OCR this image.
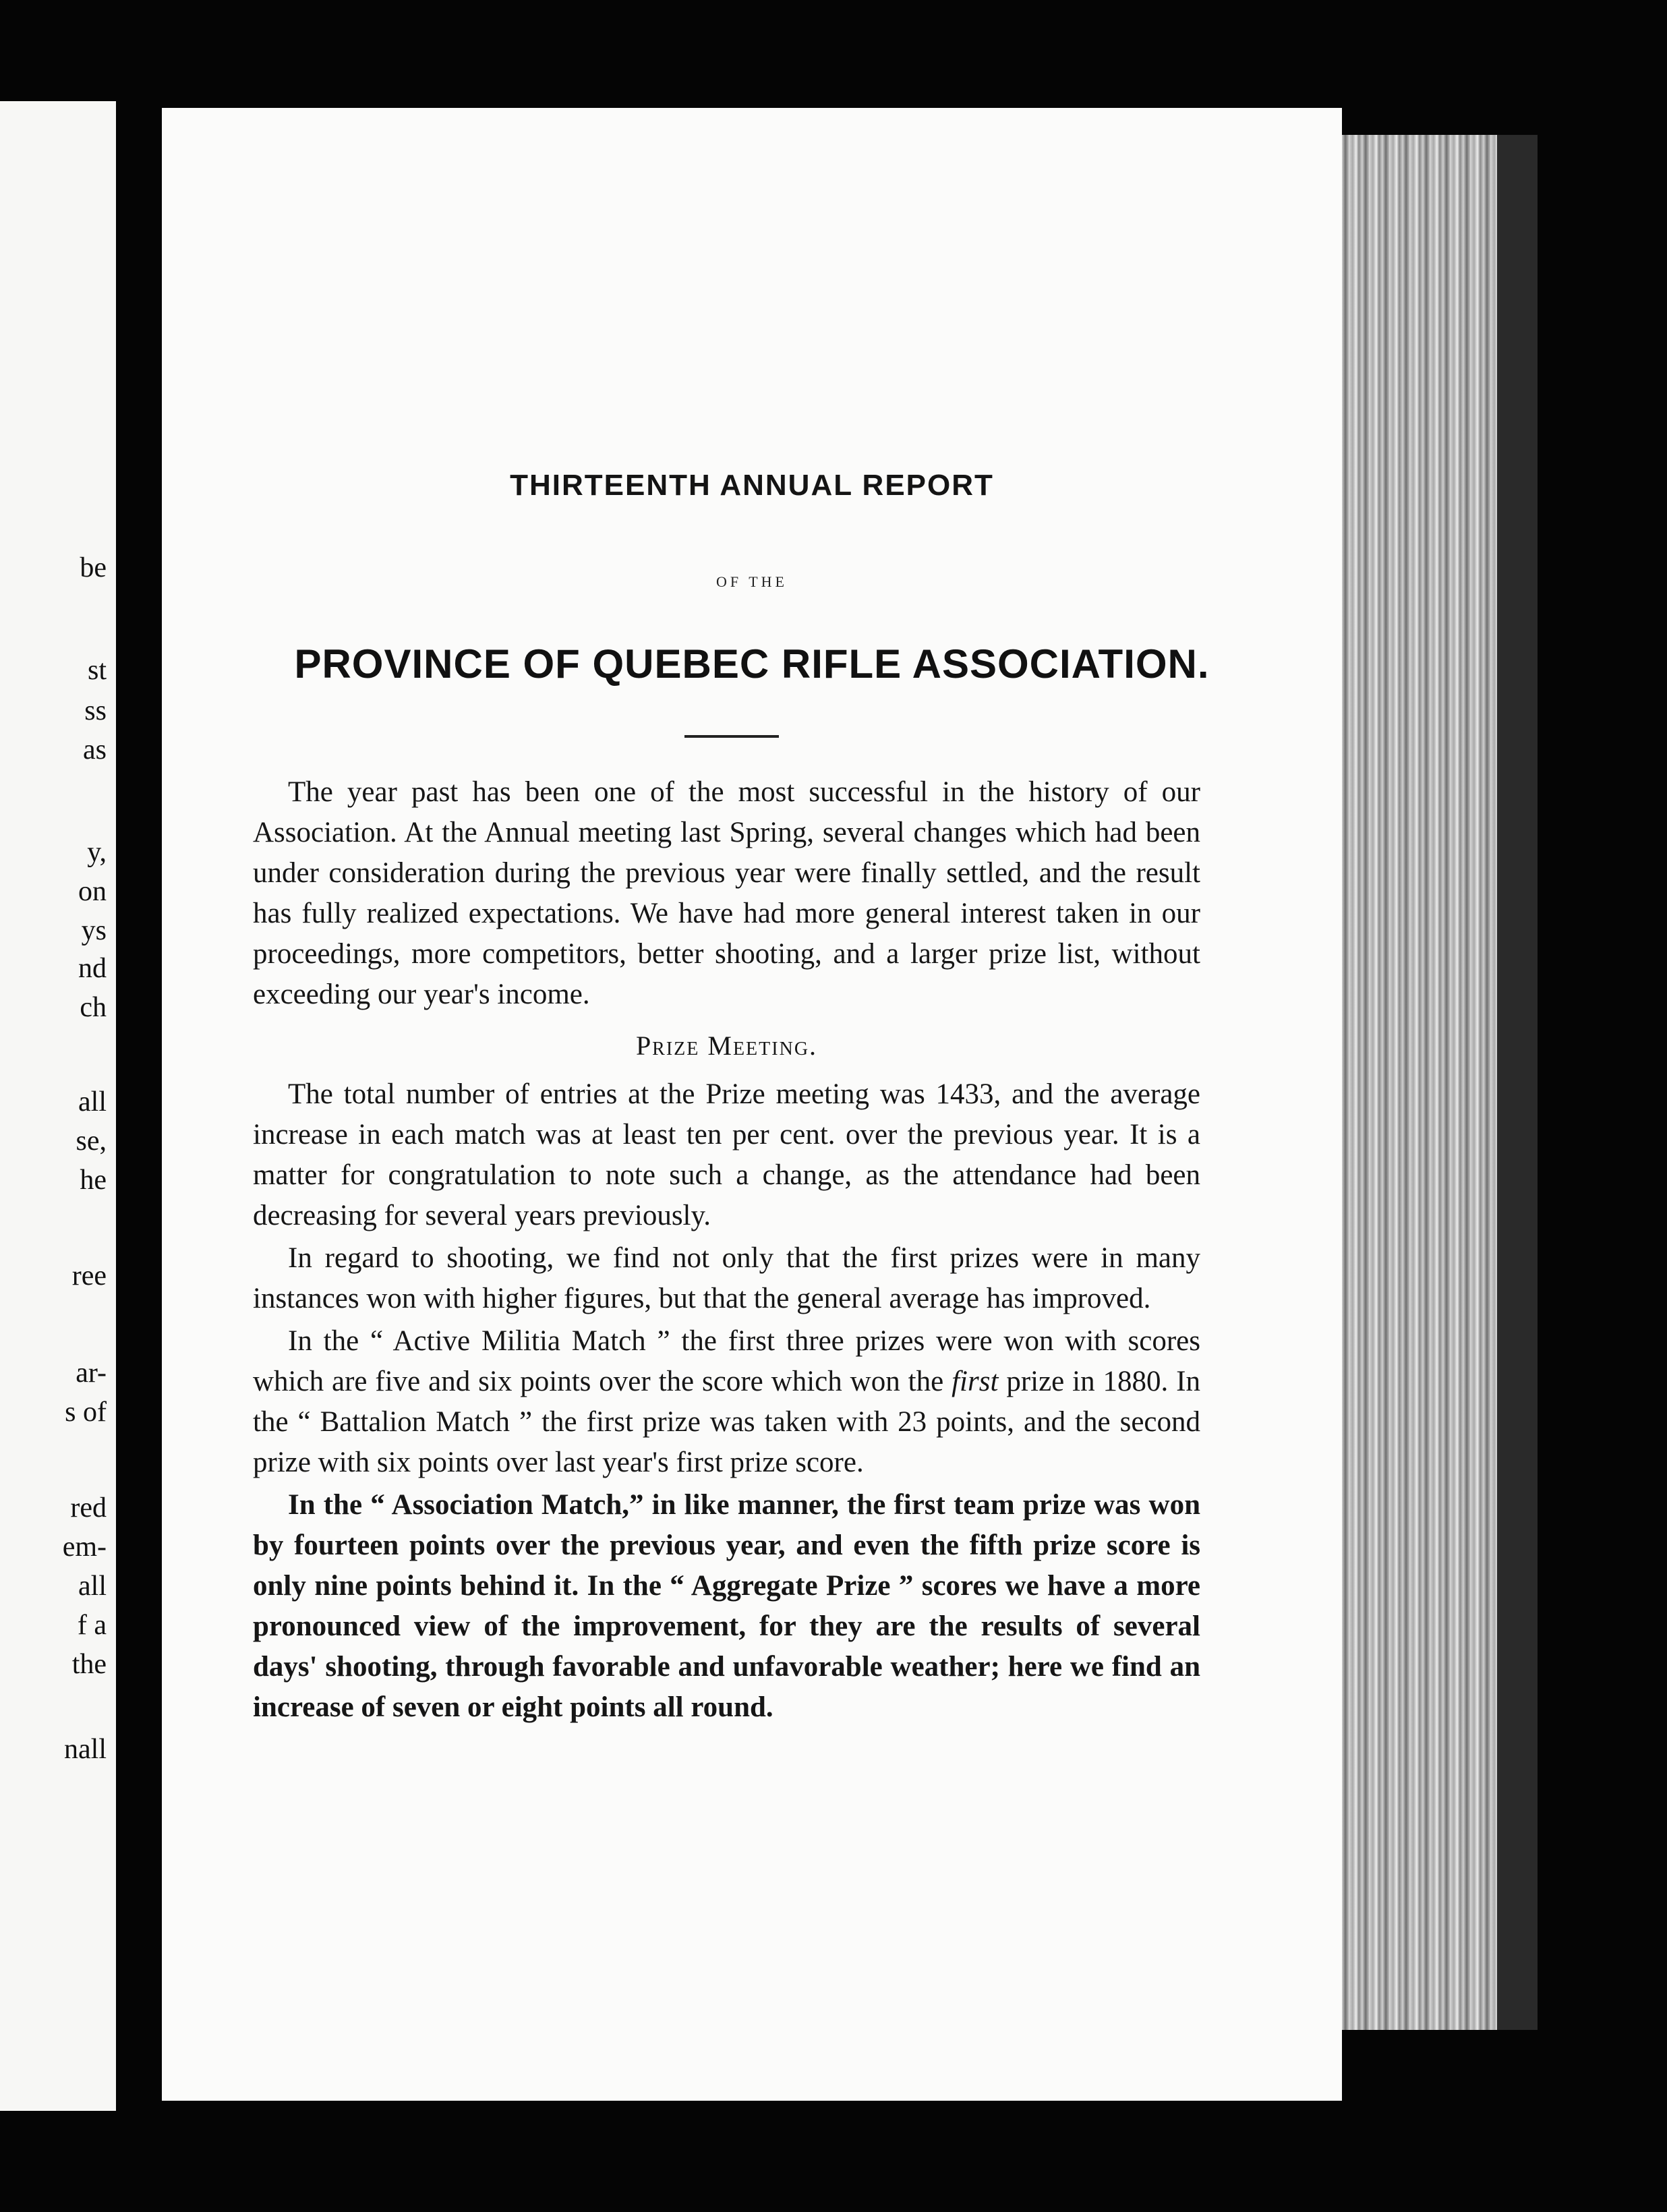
be
st
ss
as
y,
on
ys
nd
ch
all
se,
he
ree
ar-
s of
red
em-
all
f a
the
nall
THIRTEENTH ANNUAL REPORT
OF THE
PROVINCE OF QUEBEC RIFLE ASSOCIATION.

The year past has been one of the most successful in the history of our Association. At the Annual meeting last Spring, several changes which had been under consideration during the previous year were finally settled, and the result has fully realized expectations. We have had more general interest taken in our proceedings, more competitors, better shooting, and a larger prize list, without exceeding our year's income.

Prize Meeting.

The total number of entries at the Prize meeting was 1433, and the average increase in each match was at least ten per cent. over the previous year. It is a matter for congratulation to note such a change, as the attendance had been decreasing for several years previously.

In regard to shooting, we find not only that the first prizes were in many instances won with higher figures, but that the general average has improved.

In the “ Active Militia Match ” the first three prizes were won with scores which are five and six points over the score which won the first prize in 1880. In the “ Battalion Match ” the first prize was taken with 23 points, and the second prize with six points over last year's first prize score.

In the “ Association Match,” in like manner, the first team prize was won by fourteen points over the previous year, and even the fifth prize score is only nine points behind it. In the “ Aggregate Prize ” scores we have a more pronounced view of the improvement, for they are the results of several days' shooting, through favorable and unfavorable weather; here we find an increase of seven or eight points all round.
